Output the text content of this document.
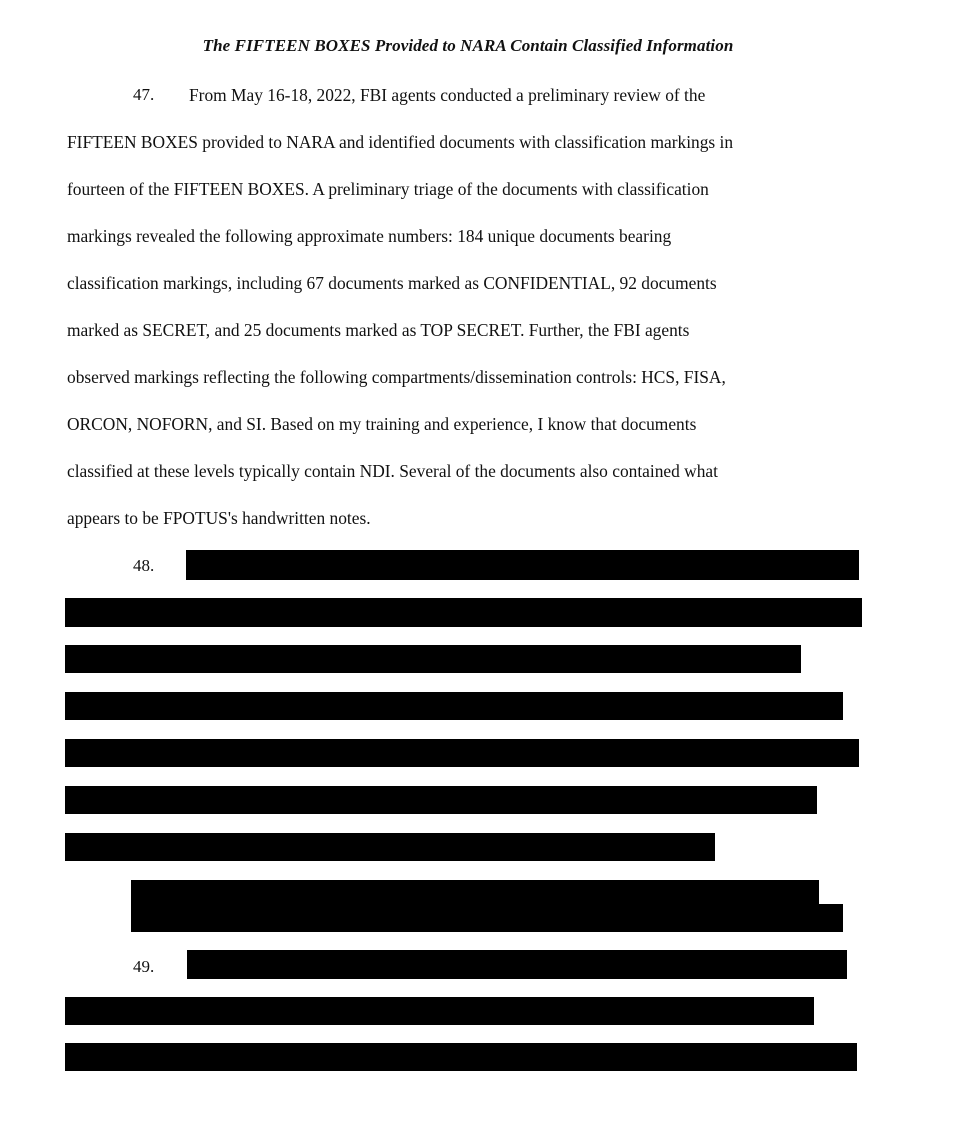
The FIFTEEN BOXES Provided to NARA Contain Classified Information
47. From May 16-18, 2022, FBI agents conducted a preliminary review of the
FIFTEEN BOXES provided to NARA and identified documents with classification markings in
fourteen of the FIFTEEN BOXES. A preliminary triage of the documents with classification
markings revealed the following approximate numbers: 184 unique documents bearing
classification markings, including 67 documents marked as CONFIDENTIAL, 92 documents
marked as SECRET, and 25 documents marked as TOP SECRET. Further, the FBI agents
observed markings reflecting the following compartments/dissemination controls: HCS, FISA,
ORCON, NOFORN, and SI. Based on my training and experience, I know that documents
classified at these levels typically contain NDI. Several of the documents also contained what
appears to be FPOTUS's handwritten notes.
48.
49.
